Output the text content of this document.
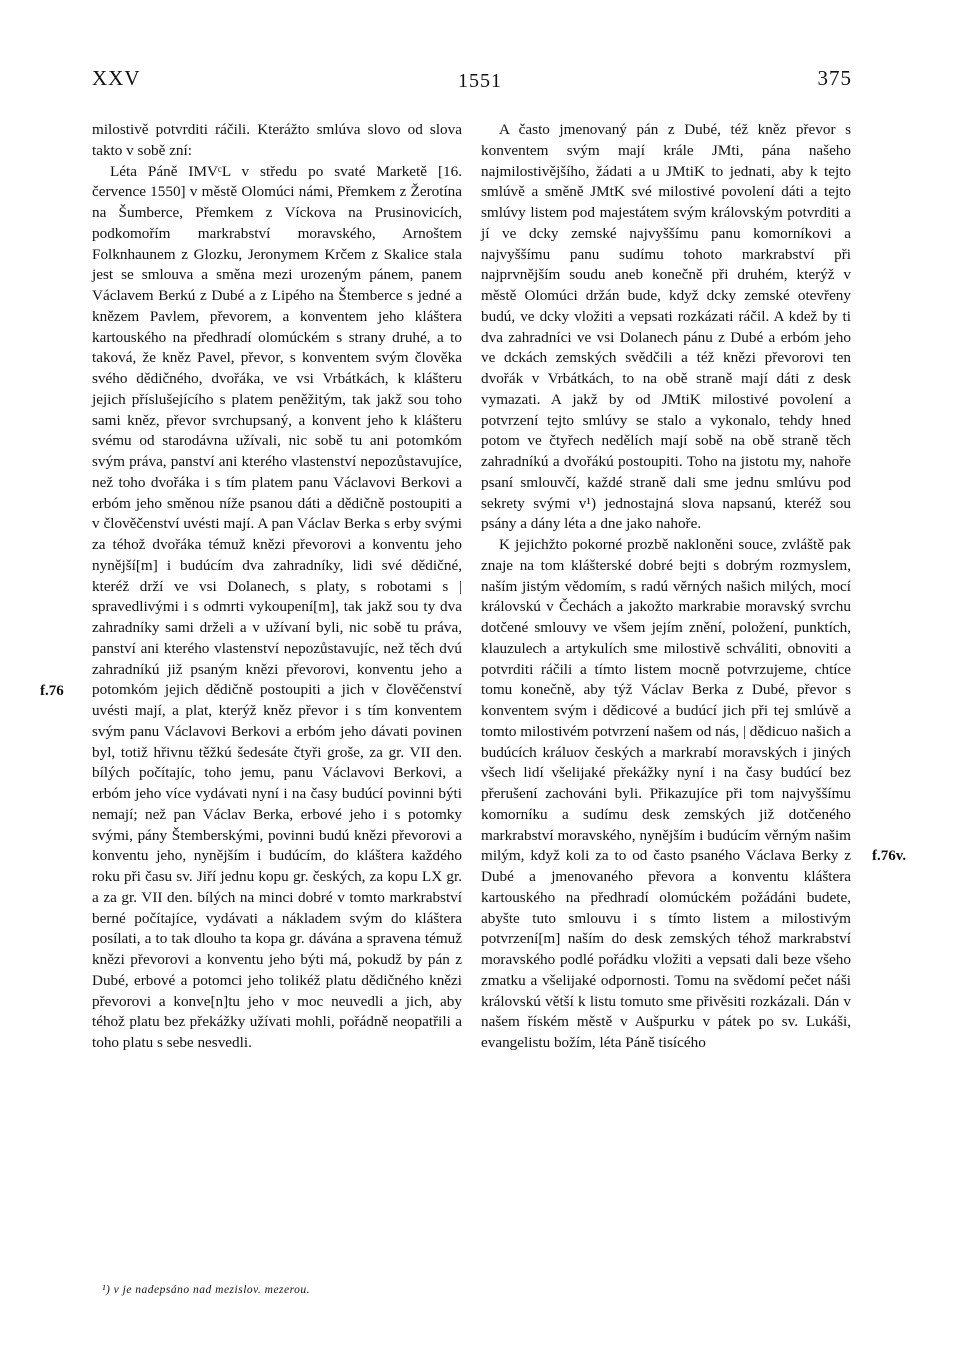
XXV	1551	375
f.76
f.76v.

milostivě potvrditi ráčili. Kterážto smlúva slovo od slova takto v sobě zní:

Léta Páně IMVᶜL v středu po svaté Marketě [16. července 1550] v městě Olomúci námi, Přemkem z Žerotína na Šumberce, Přemkem z Víckova na Prusinovicích, podkomořím markrabství moravského, Arnoštem Folknhaunem z Glozku, Jeronymem Krčem z Skalice stala jest se smlouva a směna mezi urozeným pánem, panem Václavem Berkú z Dubé a z Lipého na Štemberce s jedné a knězem Pavlem, převorem, a konventem jeho kláštera kartouského na předhradí olomúckém s strany druhé, a to taková, že kněz Pavel, převor, s konventem svým člověka svého dědičného, dvořáka, ve vsi Vrbátkách, k klášteru jejich příslušejícího s platem peněžitým, tak jakž sou toho sami kněz, převor svrchupsaný, a konvent jeho k klášteru svému od starodávna užívali, nic sobě tu ani potomkóm svým práva, panství ani kterého vlastenství nepozůstavujíce, než toho dvořáka i s tím platem panu Václavovi Berkovi a erbóm jeho směnou níže psanou dáti a dědičně postoupiti a v člověčenství uvésti mají. A pan Václav Berka s erby svými za téhož dvořáka témuž knězi převorovi a konventu jeho nynější[m] i budúcím dva zahradníky, lidi své dědičné, kteréž drží ve vsi Dolanech, s platy, s robotami s | spravedlivými i s odmrti vykoupení[m], tak jakž sou ty dva zahradníky sami drželi a v užívaní byli, nic sobě tu práva, panství ani kterého vlastenství nepozůstavujíc, než těch dvú zahradníkú již psaným knězi převorovi, konventu jeho a potomkóm jejich dědičně postoupiti a jich v člověčenství uvésti mají, a plat, kterýž kněz převor i s tím konventem svým panu Václavovi Berkovi a erbóm jeho dávati povinen byl, totiž hřivnu těžkú šedesáte čtyři groše, za gr. VII den. bílých počítajíc, toho jemu, panu Václavovi Berkovi, a erbóm jeho více vydávati nyní i na časy budúcí povinni býti nemají; než pan Václav Berka, erbové jeho i s potomky svými, pány Štemberskými, povinni budú knězi převorovi a konventu jeho, nynějším i budúcím, do kláštera každého roku při času sv. Jiří jednu kopu gr. českých, za kopu LX gr. a za gr. VII den. bílých na minci dobré v tomto markrabství berné počítajíce, vydávati a nákladem svým do kláštera posílati, a to tak dlouho ta kopa gr. dávána a spravena témuž knězi převorovi a konventu jeho býti má, pokudž by pán z Dubé, erbové a potomci jeho tolikéž platu dědičného knězi převorovi a konve[n]tu jeho v moc neuvedli a jich, aby téhož platu bez překážky užívati mohli, pořádně neopatřili a toho platu s sebe nesvedli.

A často jmenovaný pán z Dubé, též kněz převor s konventem svým mají krále JMti, pána našeho najmilostivějšího, žádati a u JMtiK to jednati, aby k tejto smlúvě a směně JMtK své milostivé povolení dáti a tejto smlúvy listem pod majestátem svým královským potvrditi a jí ve dcky zemské najvyššímu panu komorníkovi a najvyššímu panu sudímu tohoto markrabství při najprvnějším soudu aneb konečně při druhém, kterýž v městě Olomúci držán bude, když dcky zemské otevřeny budú, ve dcky vložiti a vepsati rozkázati ráčil. A kdež by ti dva zahradníci ve vsi Dolanech pánu z Dubé a erbóm jeho ve dckách zemských svědčili a též knězi převorovi ten dvořák v Vrbátkách, to na obě straně mají dáti z desk vymazati. A jakž by od JMtiK milostivé povolení a potvrzení tejto smlúvy se stalo a vykonalo, tehdy hned potom ve čtyřech nedělích mají sobě na obě straně těch zahradníkú a dvořákú postoupiti. Toho na jistotu my, nahoře psaní smlouvčí, každé straně dali sme jednu smlúvu pod sekrety svými v¹) jednostajná slova napsanú, kteréž sou psány a dány léta a dne jako nahoře.

K jejichžto pokorné prozbě nakloněni souce, zvláště pak znaje na tom klášterské dobré bejti s dobrým rozmyslem, naším jistým vědomím, s radú věrných našich milých, mocí královskú v Čechách a jakožto markrabie moravský svrchu dotčené smlouvy ve všem jejím znění, položení, punktích, klauzulech a artykulích sme milostivě schváliti, obnoviti a potvrditi ráčili a tímto listem mocně potvrzujeme, chtíce tomu konečně, aby týž Václav Berka z Dubé, převor s konventem svým i dědicové a budúcí jich při tej smlúvě a tomto milostivém potvrzení našem od nás, | dědicuo našich a budúcích králuov českých a markrabí moravských i jiných všech lidí všelijaké překážky nyní i na časy budúcí bez přerušení zachováni byli. Přikazujíce při tom najvyššímu komorníku a sudímu desk zemských již dotčeného markrabství moravského, nynějším i budúcím věrným našim milým, když koli za to od často psaného Václava Berky z Dubé a jmenovaného převora a konventu kláštera kartouského na předhradí olomúckém požádáni budete, abyšte tuto smlouvu i s tímto listem a milostivým potvrzení[m] naším do desk zemských téhož markrabství moravského podlé pořádku vložiti a vepsati dali beze všeho zmatku a všelijaké odpornosti. Tomu na svědomí pečet náši královskú větší k listu tomuto sme přivěsiti rozkázali. Dán v našem říském městě v Aušpurku v pátek po sv. Lukáši, evangelistu božím, léta Páně tisícého

¹) v je nadepsáno nad mezislov. mezerou.
